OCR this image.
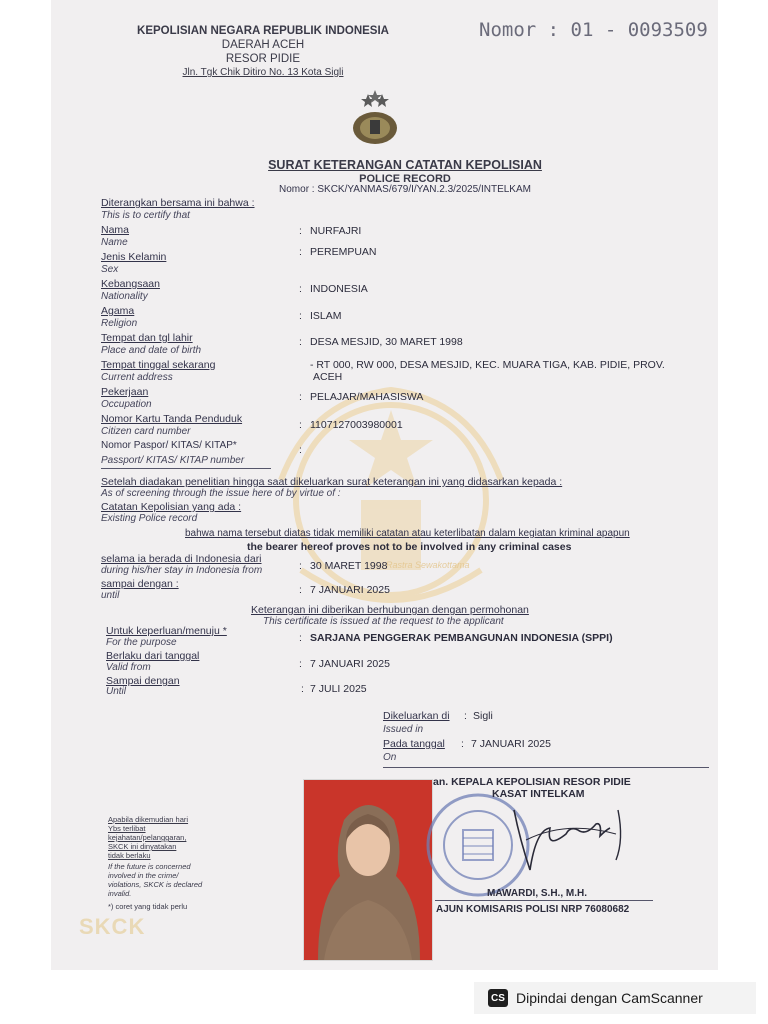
Rastra Sewakottama
KEPOLISIAN NEGARA REPUBLIK INDONESIA
DAERAH ACEH
RESOR PIDIE
Jln. Tgk Chik Ditiro No. 13 Kota Sigli
Nomor : 01 - 0093509
SURAT KETERANGAN CATATAN KEPOLISIAN
POLICE RECORD
Nomor : SKCK/YANMAS/679/I/YAN.2.3/2025/INTELKAM
Diterangkan bersama ini bahwa :
This is to certify that
Nama
Name
: NURFAJRI
Jenis Kelamin
Sex
: PEREMPUAN
Kebangsaan
Nationality
: INDONESIA
Agama
Religion
: ISLAM
Tempat dan tgl lahir
Place and date of birth
: DESA MESJID, 30 MARET 1998
Tempat tinggal sekarang
Current address
- RT 000, RW 000, DESA MESJID, KEC. MUARA TIGA, KAB. PIDIE, PROV.
ACEH
Pekerjaan
Occupation
: PELAJAR/MAHASISWA
Nomor Kartu Tanda Penduduk
Citizen card number
: 1107127003980001
Nomor Paspor/ KITAS/ KITAP*	:
Passport/ KITAS/ KITAP number
Setelah diadakan penelitian hingga saat dikeluarkan surat keterangan ini yang didasarkan kepada :
As of screening through the issue here of by virtue of :
Catatan Kepolisian yang ada :
Existing Police record
bahwa nama tersebut diatas tidak memiliki catatan atau keterlibatan dalam kegiatan kriminal apapun
the bearer hereof proves not to be involved in any criminal cases
selama ia berada di Indonesia dari
during his/her stay in Indonesia from	: 30 MARET 1998
sampai dengan :
until	: 7 JANUARI 2025
Keterangan ini diberikan berhubungan dengan permohonan
This certificate is issued at the request to the applicant
Untuk keperluan/menuju *
For the purpose	: SARJANA PENGGERAK PEMBANGUNAN INDONESIA (SPPI)
Berlaku dari tanggal
Valid from	: 7 JANUARI 2025
Sampai dengan
Until	: 7 JULI 2025
Dikeluarkan di : Sigli
Issued in
Pada tanggal : 7 JANUARI 2025
On
an. KEPALA KEPOLISIAN RESOR PIDIE
KASAT INTELKAM
MAWARDI, S.H., M.H.
AJUN KOMISARIS POLISI NRP 76080682
Apabila dikemudian hari
Ybs terlibat
kejahatan/pelanggaran,
SKCK ini dinyatakan
tidak berlaku
If the future is concerned
involved in the crime/
violations, SKCK is declared
invalid.
*) coret yang tidak perlu
SKCK
CS Dipindai dengan CamScanner
